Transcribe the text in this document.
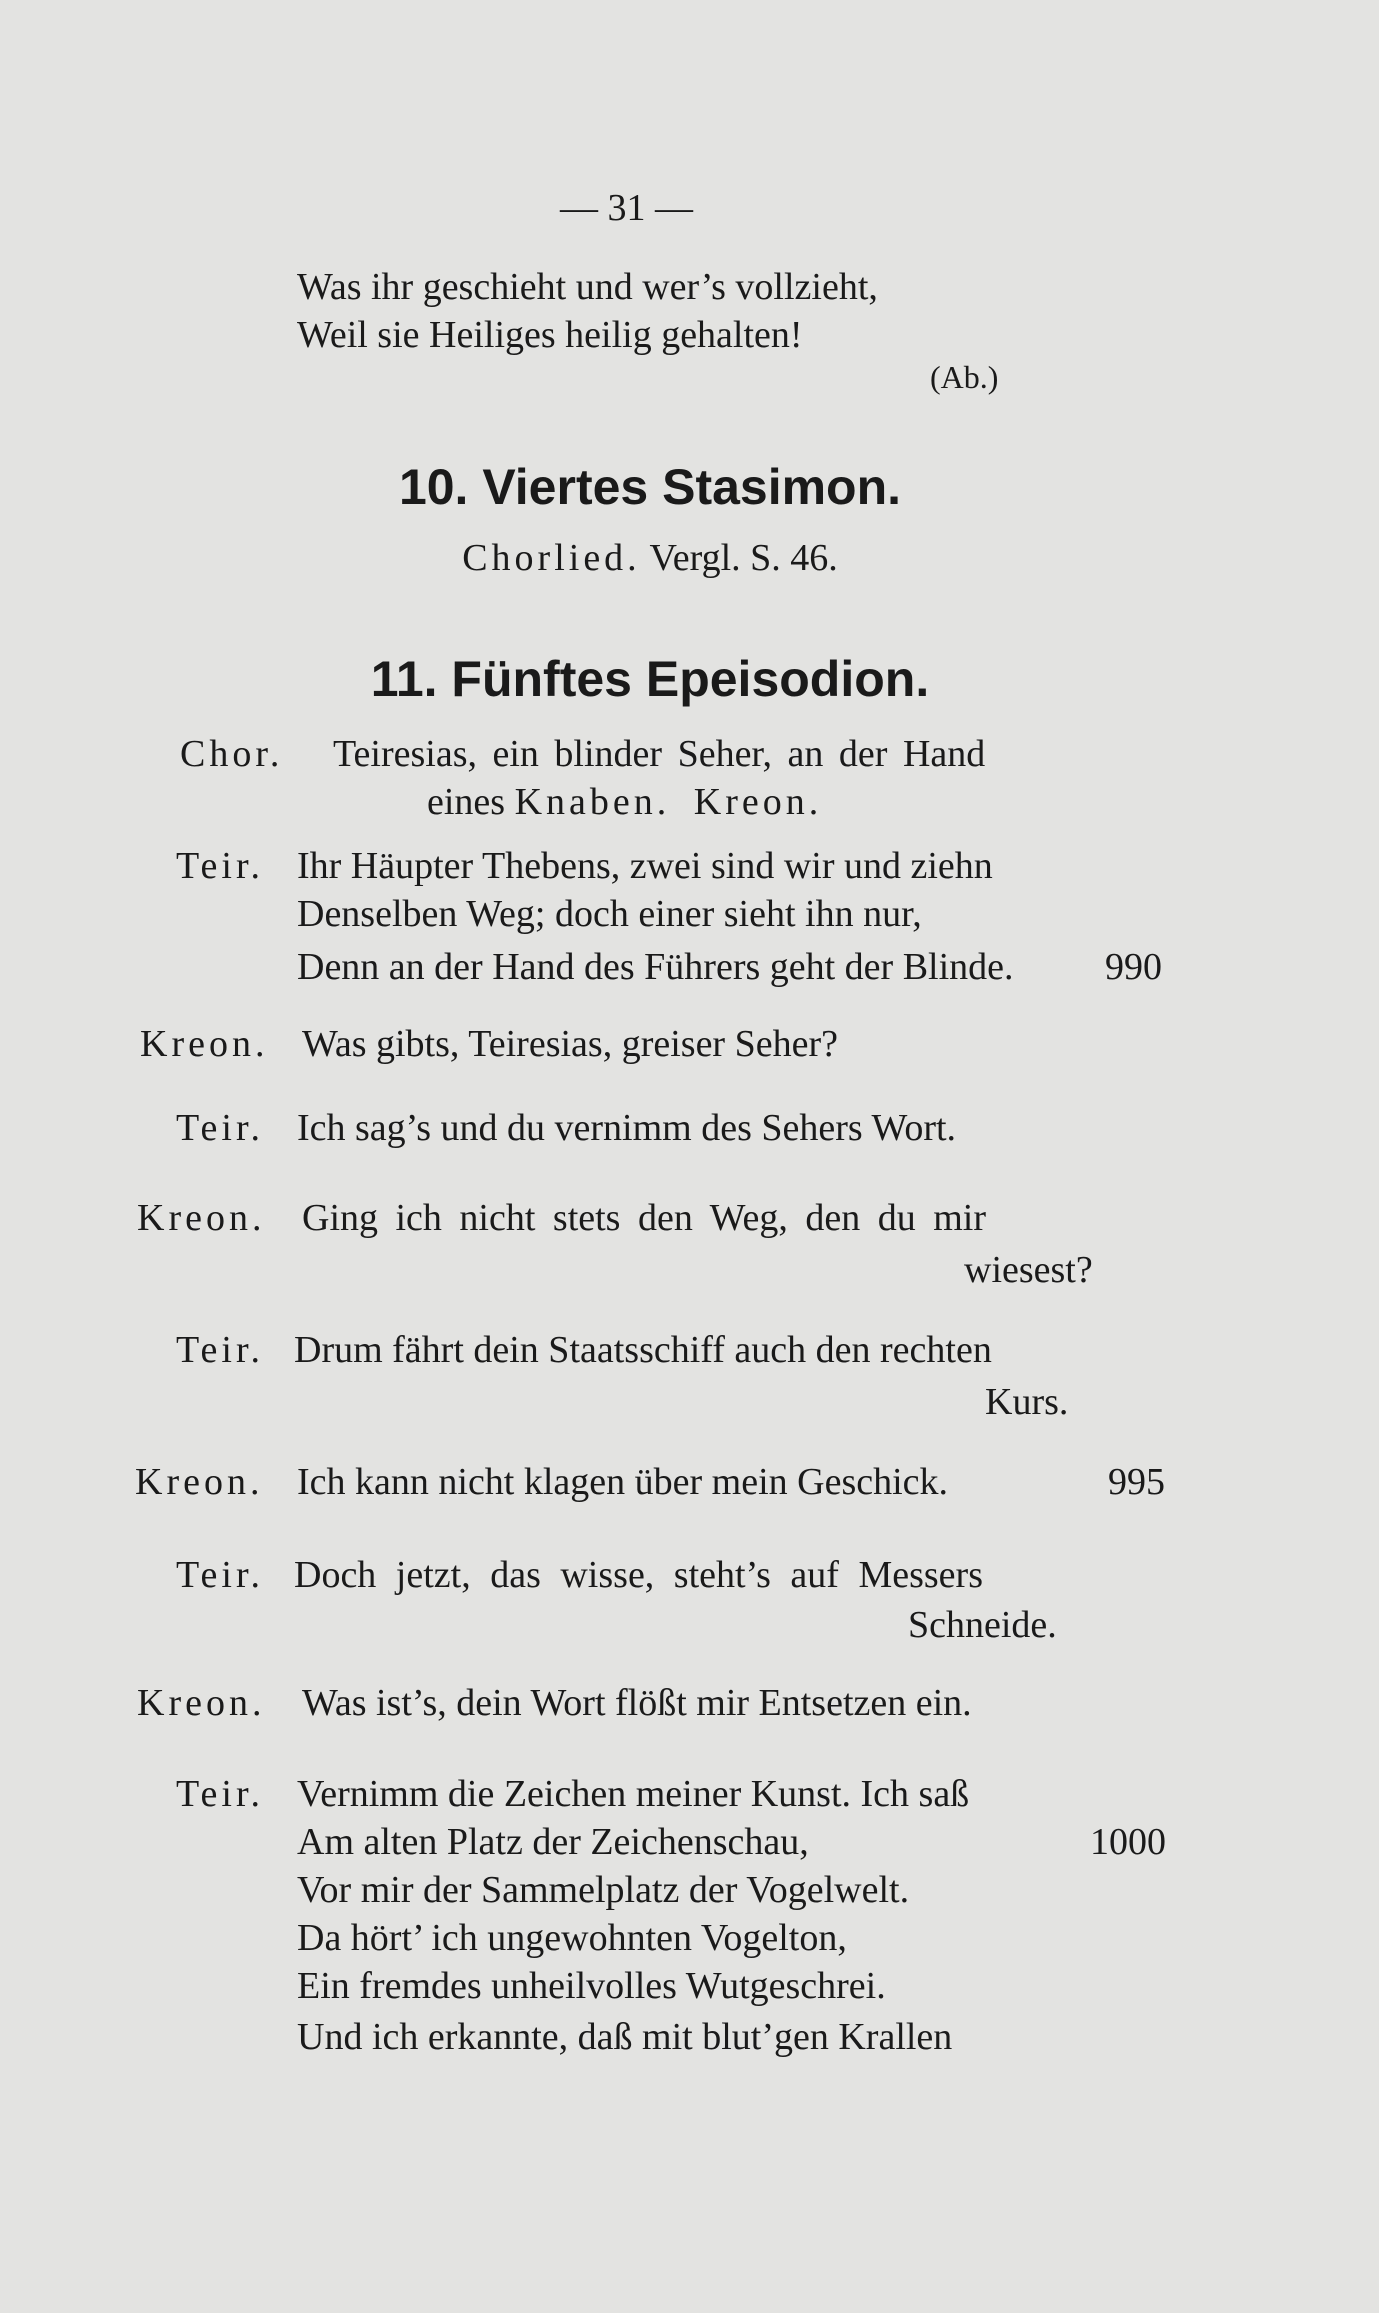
— 31 —
Was ihr geschieht und wer’s vollzieht,
Weil sie Heiliges heilig gehalten!
(Ab.)
10. Viertes Stasimon.
Chorlied. Vergl. S. 46.
11. Fünftes Epeisodion.
Chor. Teiresias, ein blinder Seher, an der Hand
eines Knaben. Kreon.
Teir. Ihr Häupter Thebens, zwei sind wir und ziehn
Denselben Weg; doch einer sieht ihn nur,
Denn an der Hand des Führers geht der Blinde. 990
Kreon. Was gibts, Teiresias, greiser Seher?
Teir. Ich sag’s und du vernimm des Sehers Wort.
Kreon. Ging ich nicht stets den Weg, den du mir
wiesest?
Teir. Drum fährt dein Staatsschiff auch den rechten
Kurs.
Kreon. Ich kann nicht klagen über mein Geschick.	995
Teir. Doch jetzt, das wisse, steht’s auf Messers
Schneide.
Kreon. Was ist’s, dein Wort flößt mir Entsetzen ein.
Teir. Vernimm die Zeichen meiner Kunst. Ich saß
Am alten Platz der Zeichenschau,	1000
Vor mir der Sammelplatz der Vogelwelt.
Da hört’ ich ungewohnten Vogelton,
Ein fremdes unheilvolles Wutgeschrei.
Und ich erkannte, daß mit blut’gen Krallen
